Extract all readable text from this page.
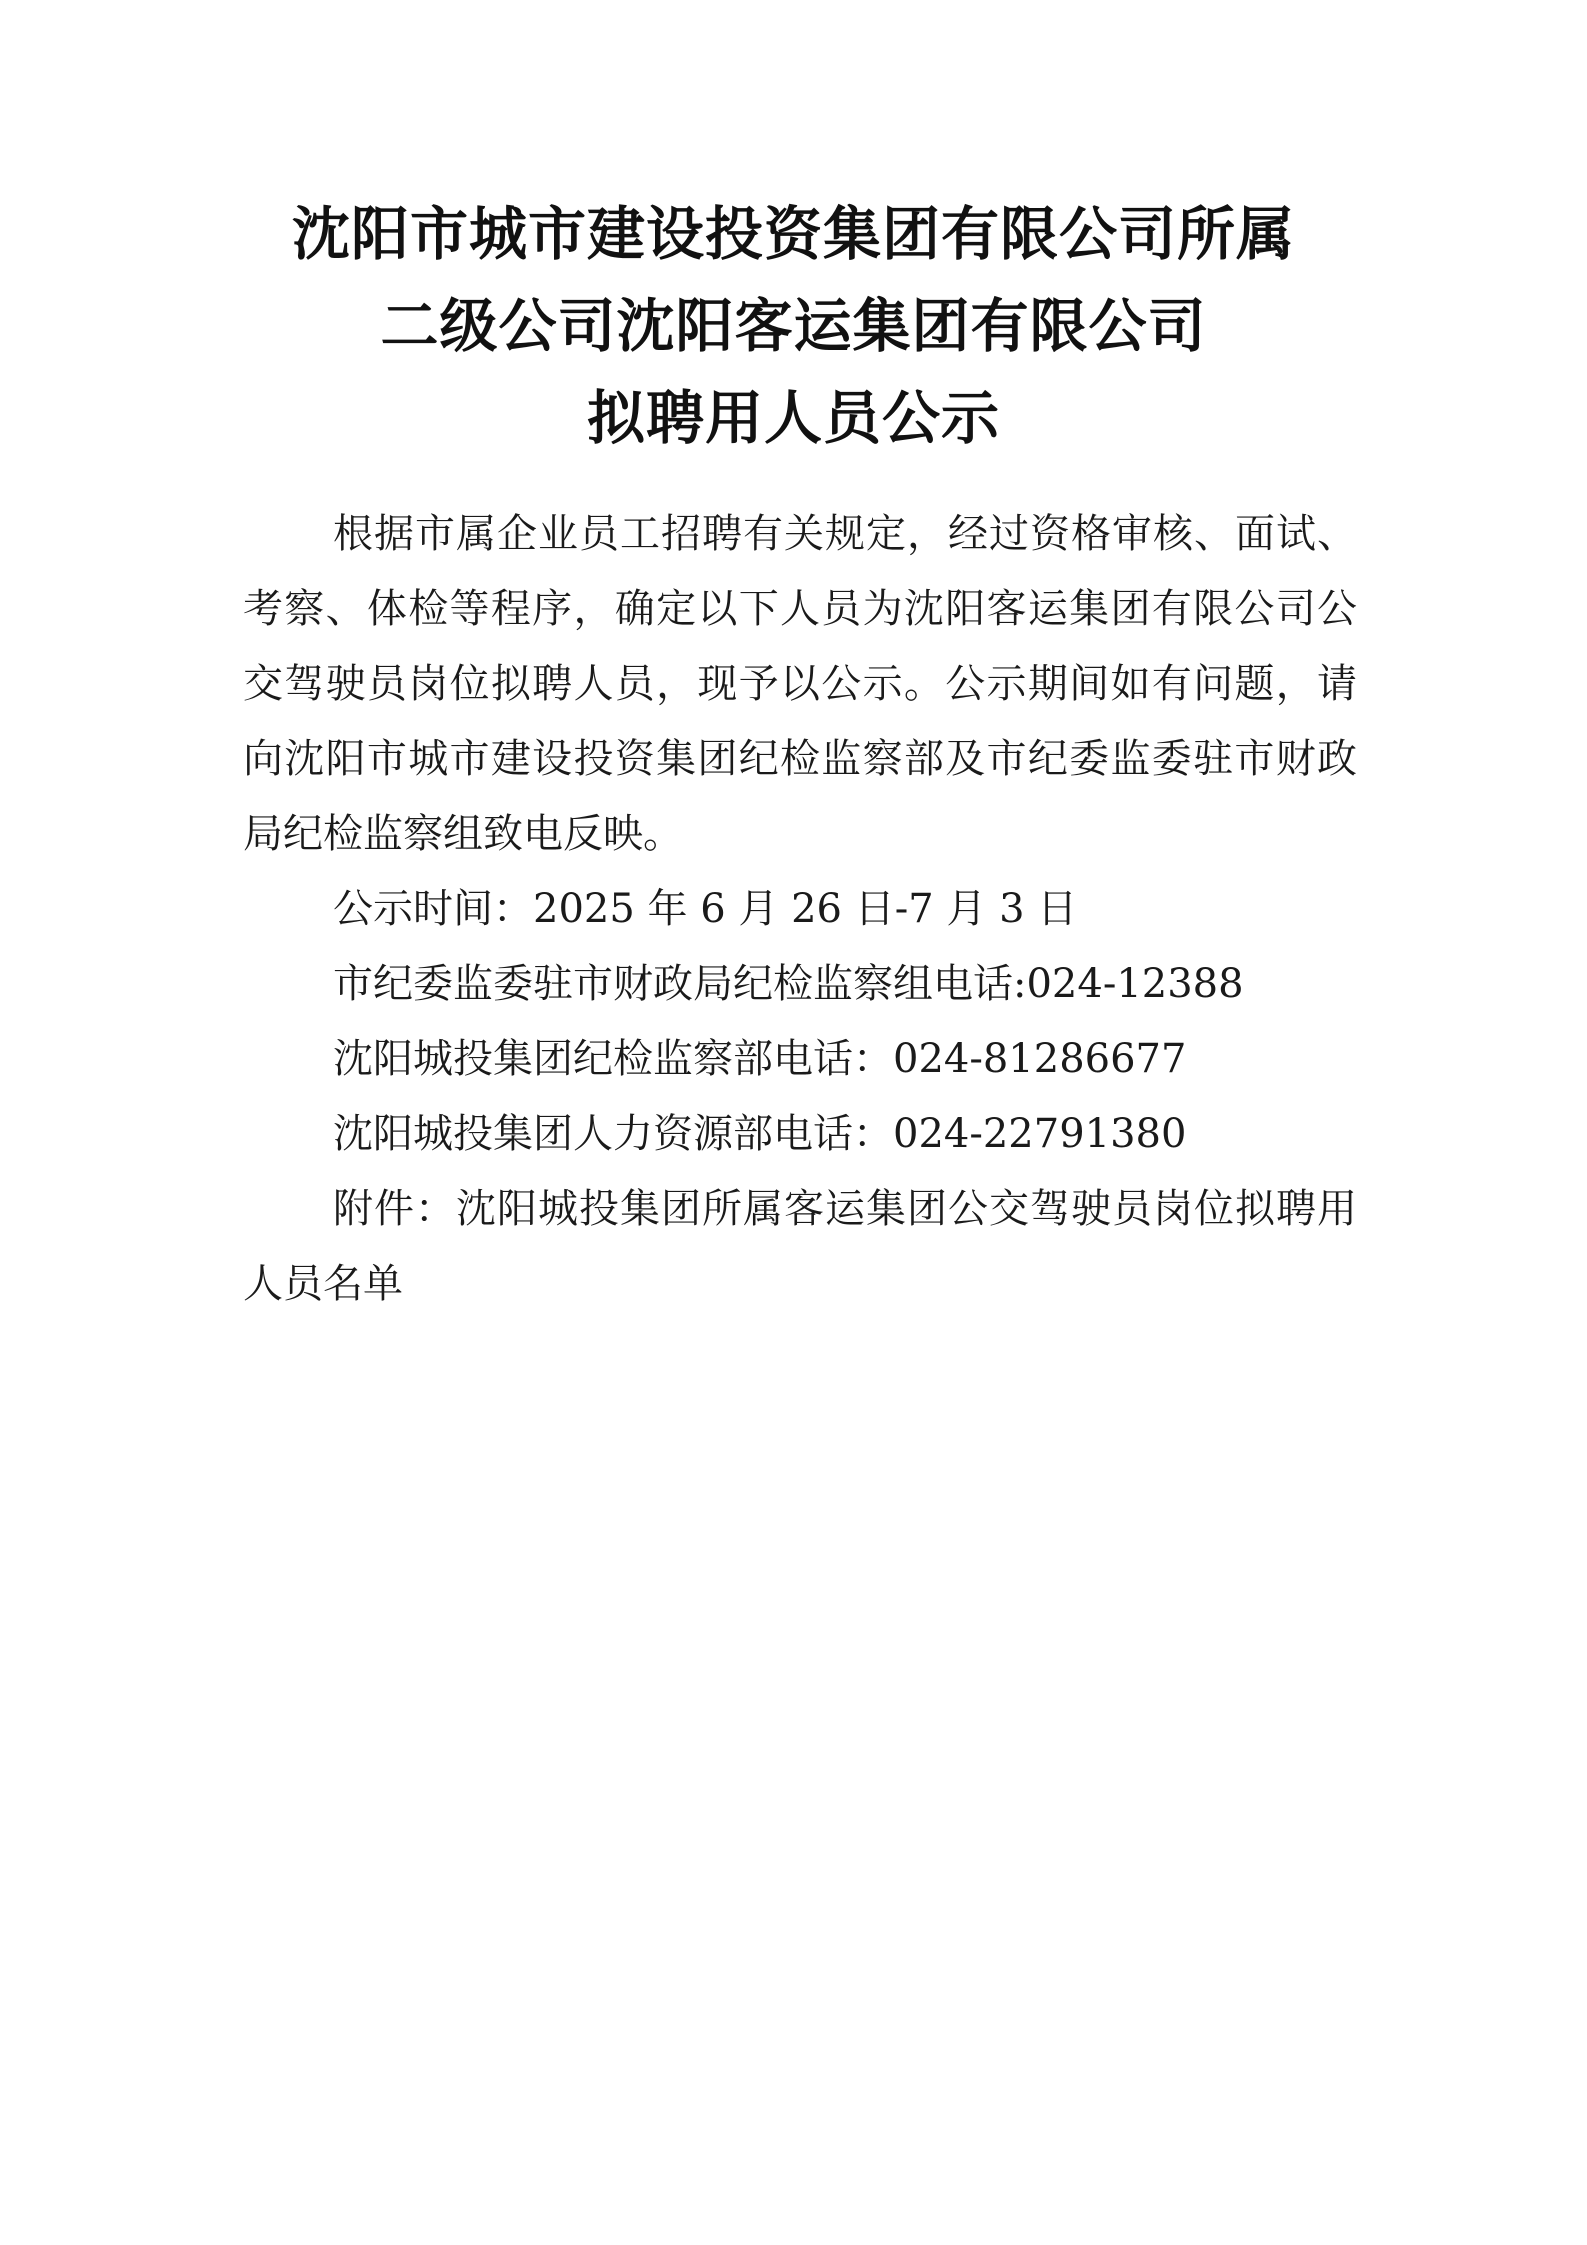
沈阳市城市建设投资集团有限公司所属

二级公司沈阳客运集团有限公司

拟聘用人员公示

根据市属企业员工招聘有关规定，经过资格审核、面试、考察、体检等程序，确定以下人员为沈阳客运集团有限公司公交驾驶员岗位拟聘人员，现予以公示。公示期间如有问题，请向沈阳市城市建设投资集团纪检监察部及市纪委监委驻市财政局纪检监察组致电反映。

公示时间：2025 年 6 月 26 日-7 月 3 日

市纪委监委驻市财政局纪检监察组电话:024-12388

沈阳城投集团纪检监察部电话：024-81286677

沈阳城投集团人力资源部电话：024-22791380

附件：沈阳城投集团所属客运集团公交驾驶员岗位拟聘用人员名单
